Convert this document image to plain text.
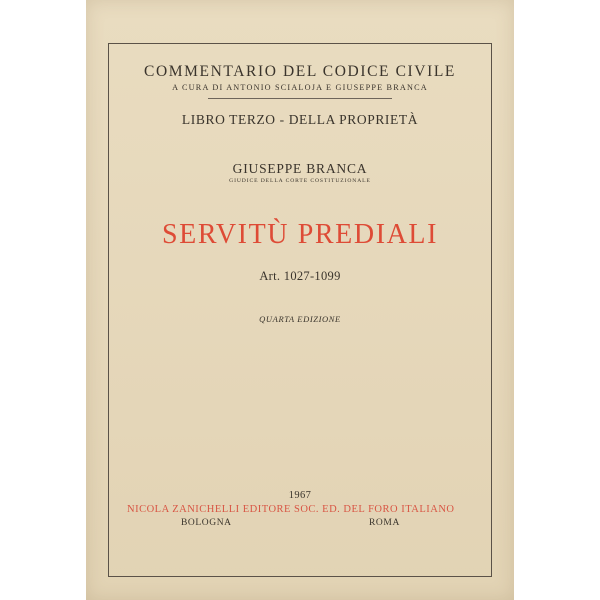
COMMENTARIO DEL CODICE CIVILE
A CURA DI ANTONIO SCIALOJA E GIUSEPPE BRANCA
LIBRO TERZO - DELLA PROPRIETÀ
GIUSEPPE BRANCA
GIUDICE DELLA CORTE COSTITUZIONALE
SERVITÙ PREDIALI
Art. 1027-1099
QUARTA EDIZIONE
1967
NICOLA ZANICHELLI EDITORE SOC. ED. DEL FORO ITALIANO
BOLOGNA	ROMA
